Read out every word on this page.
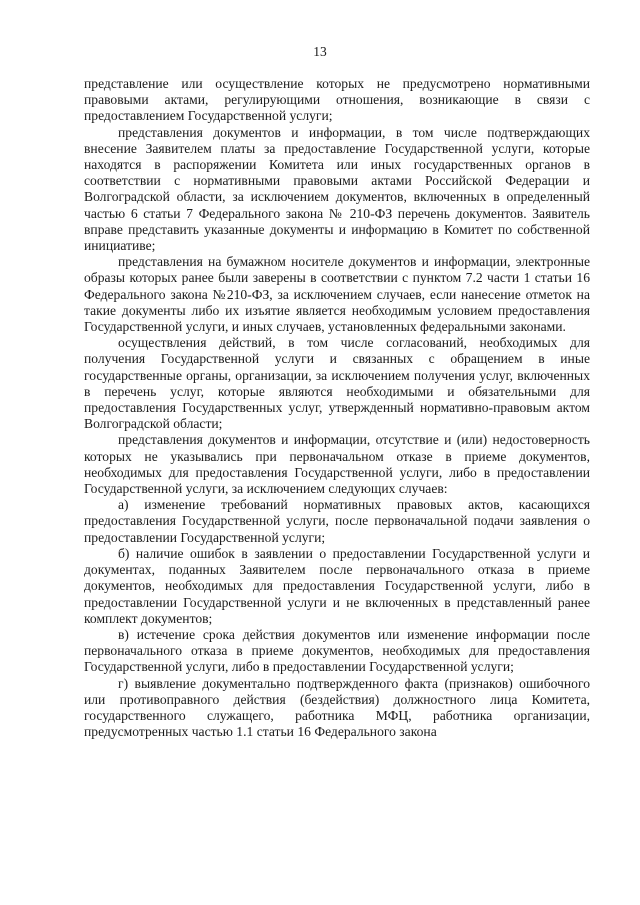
13

представление или осуществление которых не предусмотрено нормативными правовыми актами, регулирующими отношения, возникающие в связи с предоставлением Государственной услуги;

представления документов и информации, в том числе подтверждающих внесение Заявителем платы за предоставление Государственной услуги, которые находятся в распоряжении Комитета или иных государственных органов в соответствии с нормативными правовыми актами Российской Федерации и Волгоградской области, за исключением документов, включенных в определенный частью 6 статьи 7 Федерального закона № 210-ФЗ перечень документов. Заявитель вправе представить указанные документы и информацию в Комитет по собственной инициативе;

представления на бумажном носителе документов и информации, электронные образы которых ранее были заверены в соответствии с пунктом 7.2 части 1 статьи 16 Федерального закона №210-ФЗ, за исключением случаев, если нанесение отметок на такие документы либо их изъятие является необходимым условием предоставления Государственной услуги, и иных случаев, установленных федеральными законами.

осуществления действий, в том числе согласований, необходимых для получения Государственной услуги и связанных с обращением в иные государственные органы, организации, за исключением получения услуг, включенных в перечень услуг, которые являются необходимыми и обязательными для предоставления Государственных услуг, утвержденный нормативно-правовым актом Волгоградской области;

представления документов и информации, отсутствие и (или) недостоверность которых не указывались при первоначальном отказе в приеме документов, необходимых для предоставления Государственной услуги, либо в предоставлении Государственной услуги, за исключением следующих случаев:

а) изменение требований нормативных правовых актов, касающихся предоставления Государственной услуги, после первоначальной подачи заявления о предоставлении Государственной услуги;

б) наличие ошибок в заявлении о предоставлении Государственной услуги и документах, поданных Заявителем после первоначального отказа в приеме документов, необходимых для предоставления Государственной услуги, либо в предоставлении Государственной услуги и не включенных в представленный ранее комплект документов;

в) истечение срока действия документов или изменение информации после первоначального отказа в приеме документов, необходимых для предоставления Государственной услуги, либо в предоставлении Государственной услуги;

г) выявление документально подтвержденного факта (признаков) ошибочного или противоправного действия (бездействия) должностного лица Комитета, государственного служащего, работника МФЦ, работника организации, предусмотренных частью 1.1 статьи 16 Федерального закона
